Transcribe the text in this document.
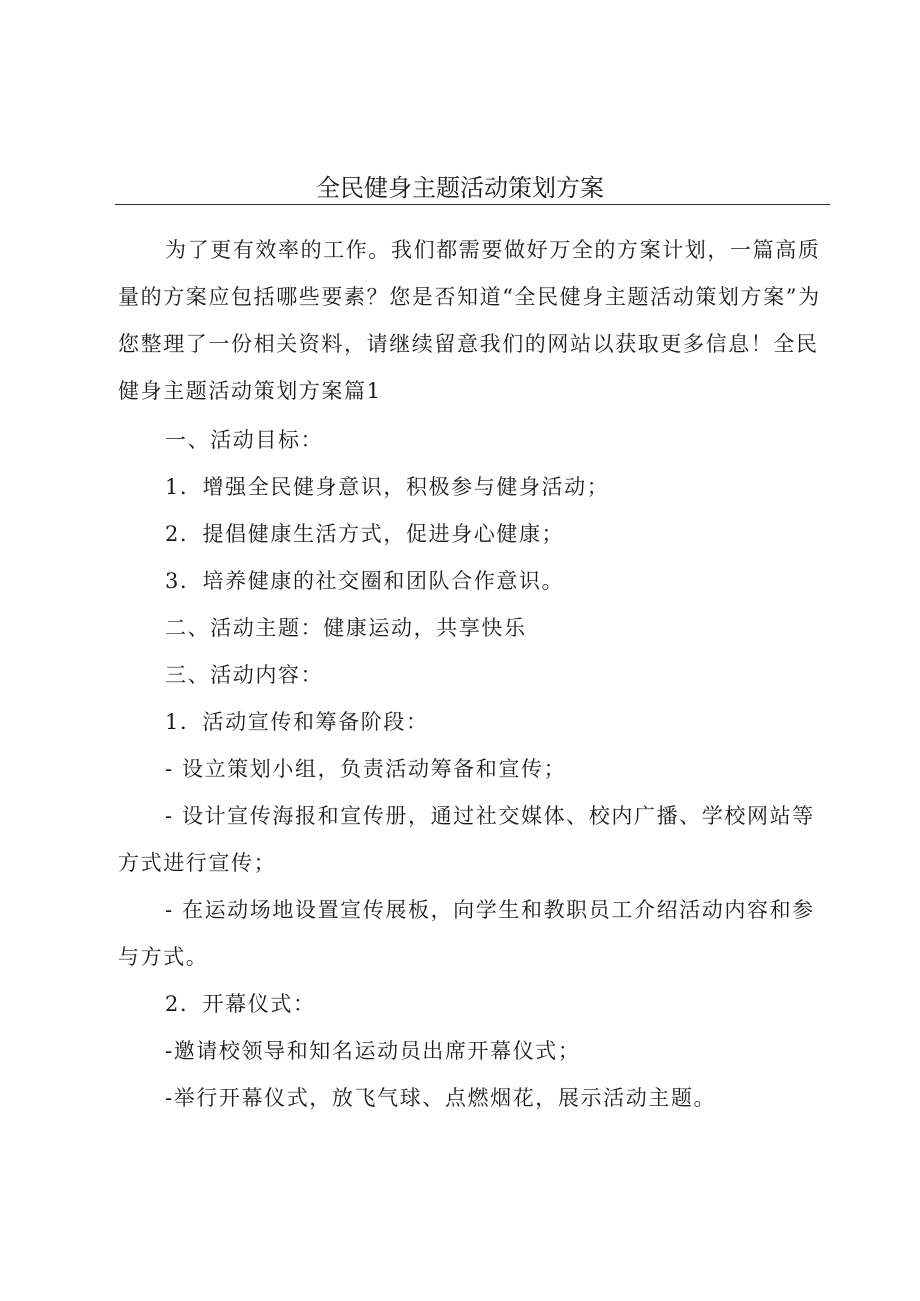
全民健身主题活动策划方案

为了更有效率的工作。我们都需要做好万全的方案计划，一篇高质量的方案应包括哪些要素？您是否知道“全民健身主题活动策划方案”为您整理了一份相关资料，请继续留意我们的网站以获取更多信息！全民健身主题活动策划方案篇1

一、活动目标：

1．增强全民健身意识，积极参与健身活动；

2．提倡健康生活方式，促进身心健康；

3．培养健康的社交圈和团队合作意识。

二、活动主题：健康运动，共享快乐

三、活动内容：

1．活动宣传和筹备阶段：

- 设立策划小组，负责活动筹备和宣传；

- 设计宣传海报和宣传册，通过社交媒体、校内广播、学校网站等方式进行宣传；

- 在运动场地设置宣传展板，向学生和教职员工介绍活动内容和参与方式。

2．开幕仪式：

-邀请校领导和知名运动员出席开幕仪式；

-举行开幕仪式，放飞气球、点燃烟花，展示活动主题。
